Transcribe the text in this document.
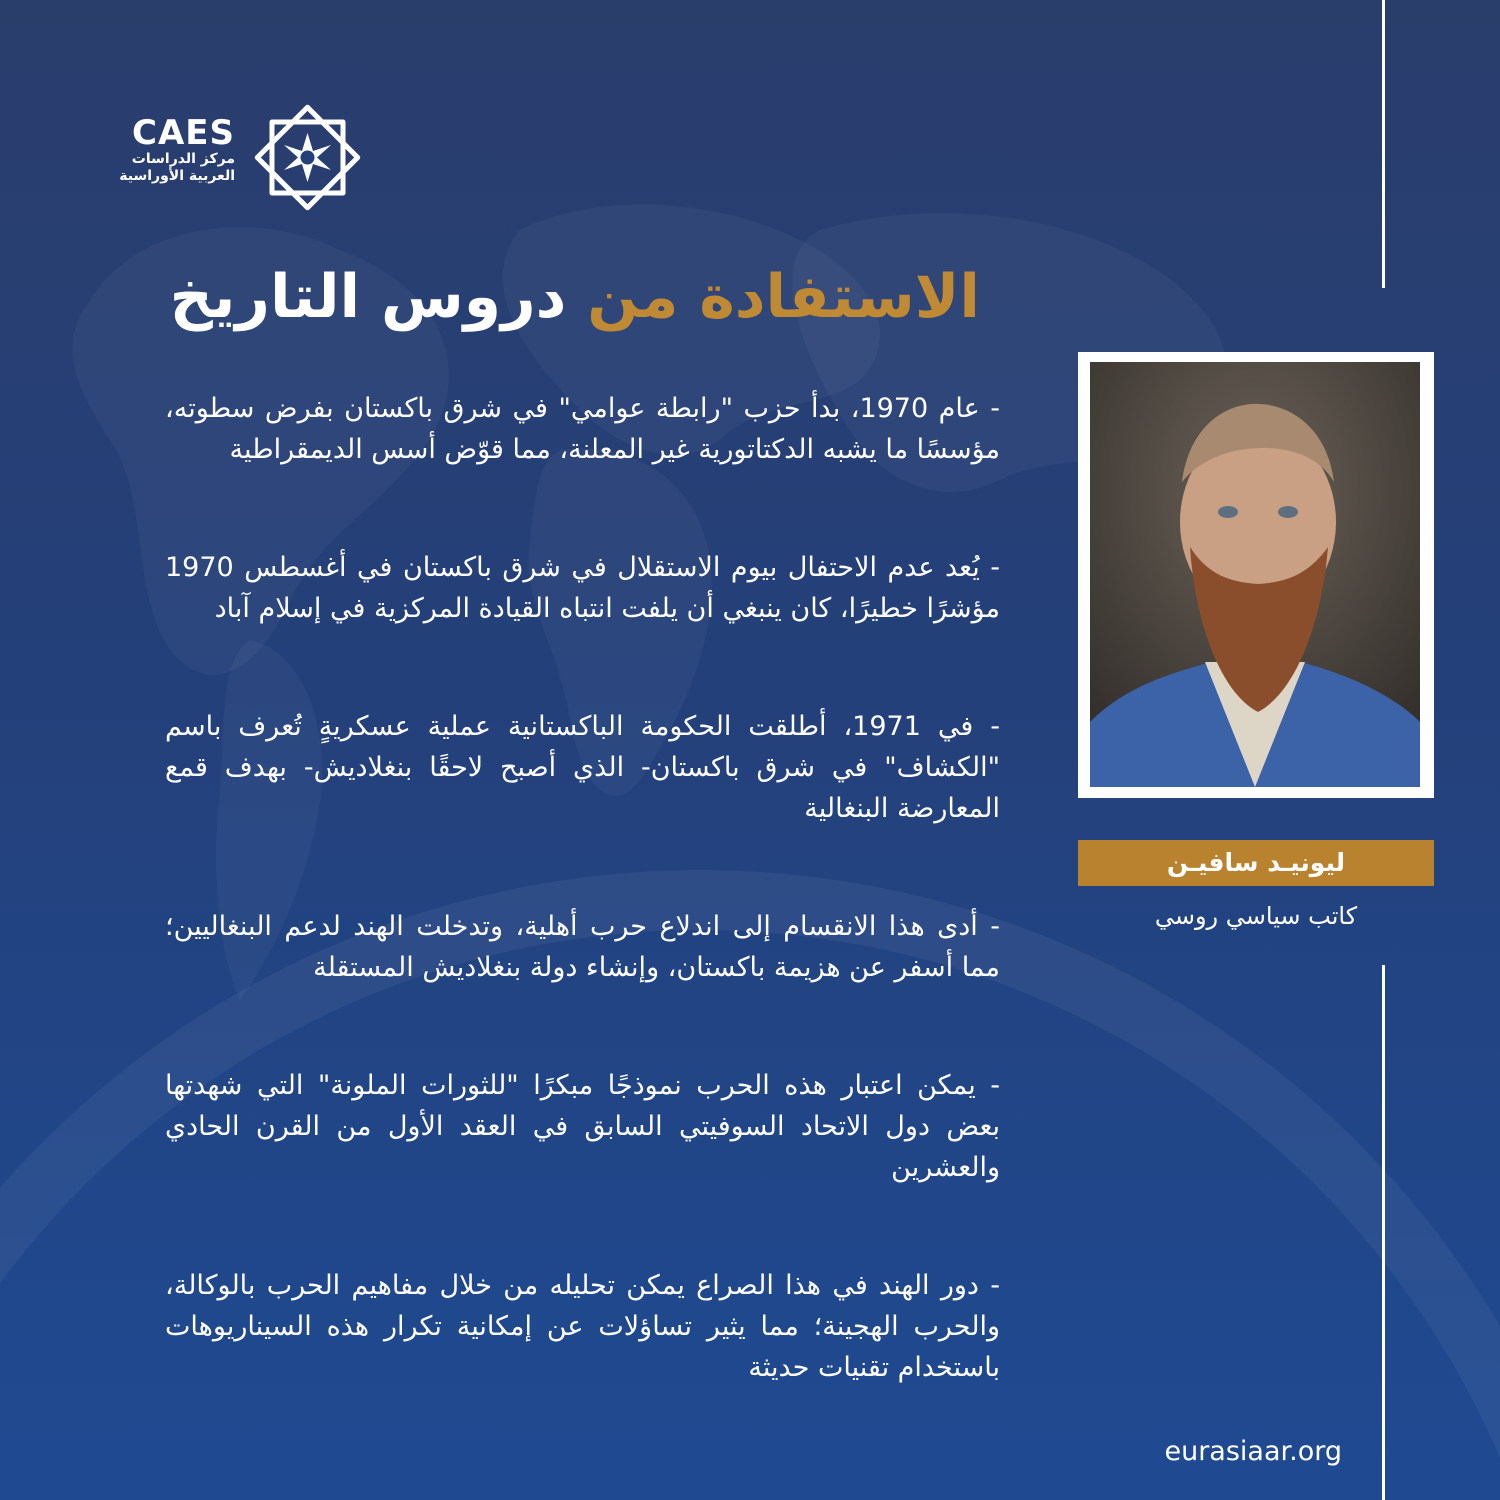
CAES
مركز الدراسات
العربية الأوراسية
الاستفادة من دروس التاريخ

- عام 1970، بدأ حزب "رابطة عوامي" في شرق باكستان بفرض سطوته، مؤسسًا ما يشبه الدكتاتورية غير المعلنة، مما قوّض أسس الديمقراطية

- يُعد عدم الاحتفال بيوم الاستقلال في شرق باكستان في أغسطس 1970 مؤشرًا خطيرًا، كان ينبغي أن يلفت انتباه القيادة المركزية في إسلام آباد

- في 1971، أطلقت الحكومة الباكستانية عملية عسكريةٍ تُعرف باسم "الكشاف" في شرق باكستان- الذي أصبح لاحقًا بنغلاديش- بهدف قمع المعارضة البنغالية

- أدى هذا الانقسام إلى اندلاع حرب أهلية، وتدخلت الهند لدعم البنغاليين؛ مما أسفر عن هزيمة باكستان، وإنشاء دولة بنغلاديش المستقلة

- يمكن اعتبار هذه الحرب نموذجًا مبكرًا "للثورات الملونة" التي شهدتها بعض دول الاتحاد السوفيتي السابق في العقد الأول من القرن الحادي والعشرين

- دور الهند في هذا الصراع يمكن تحليله من خلال مفاهيم الحرب بالوكالة، والحرب الهجينة؛ مما يثير تساؤلات عن إمكانية تكرار هذه السيناريوهات باستخدام تقنيات حديثة

ليونيـد سافيـن
كاتب سياسي روسي
eurasiaar.org
